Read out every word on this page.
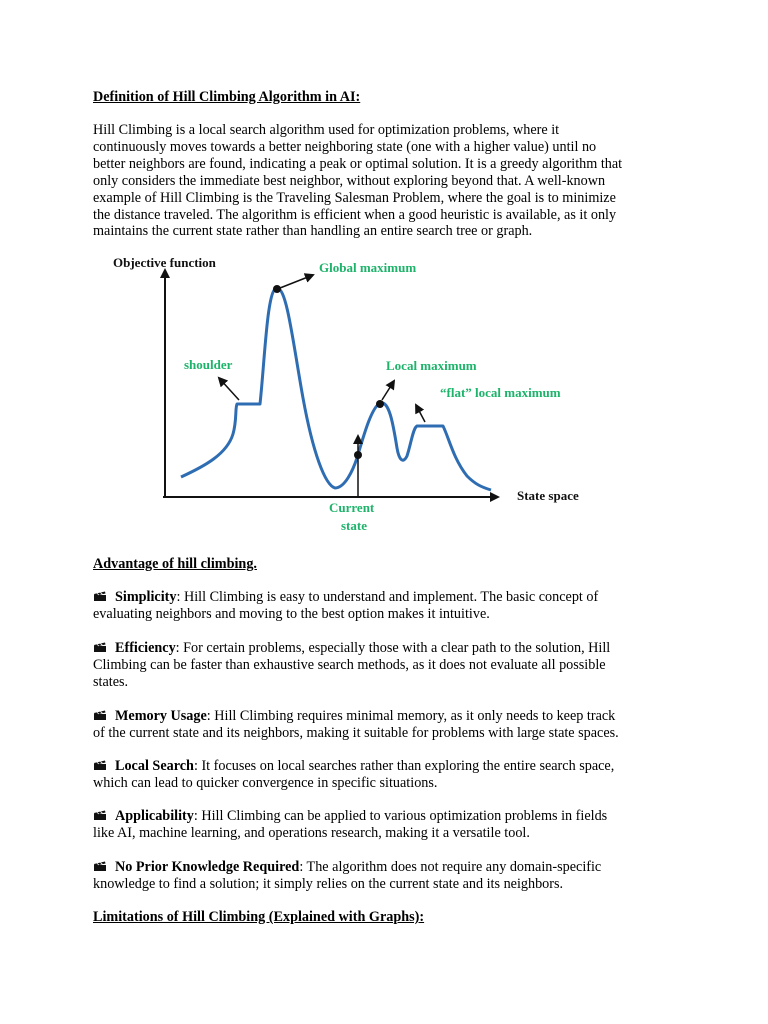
Definition of Hill Climbing Algorithm in AI:
Hill Climbing is a local search algorithm used for optimization problems, where it
continuously moves towards a better neighboring state (one with a higher value) until no
better neighbors are found, indicating a peak or optimal solution. It is a greedy algorithm that
only considers the immediate best neighbor, without exploring beyond that. A well-known
example of Hill Climbing is the Traveling Salesman Problem, where the goal is to minimize
the distance traveled. The algorithm is efficient when a good heuristic is available, as it only
maintains the current state rather than handling an entire search tree or graph.
Objective function
State space
Global maximum
shoulder	Local maximum
“flat” local maximum
Current
state
Advantage of hill climbing.
Simplicity: Hill Climbing is easy to understand and implement. The basic concept of
evaluating neighbors and moving to the best option makes it intuitive.
Efficiency: For certain problems, especially those with a clear path to the solution, Hill
Climbing can be faster than exhaustive search methods, as it does not evaluate all possible
states.
Memory Usage: Hill Climbing requires minimal memory, as it only needs to keep track
of the current state and its neighbors, making it suitable for problems with large state spaces.
Local Search: It focuses on local searches rather than exploring the entire search space,
which can lead to quicker convergence in specific situations.
Applicability: Hill Climbing can be applied to various optimization problems in fields
like AI, machine learning, and operations research, making it a versatile tool.
No Prior Knowledge Required: The algorithm does not require any domain-specific
knowledge to find a solution; it simply relies on the current state and its neighbors.
Limitations of Hill Climbing (Explained with Graphs):
